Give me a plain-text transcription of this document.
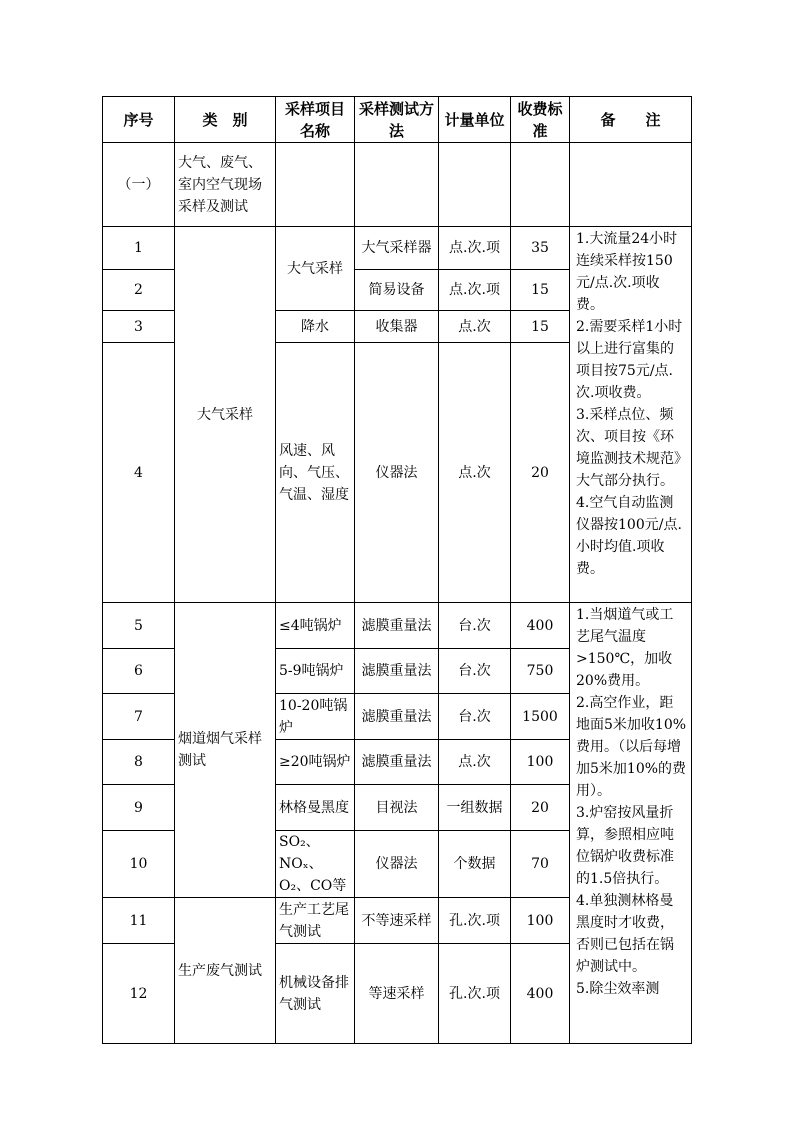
序号	类　别	采样项目名称	采样测试方法	计量单位	收费标准	备　　注
（一）	大气、废气、室内空气现场采样及测试					
1	大气采样	大气采样	大气采样器	点.次.项	35	1.大流量24小时连续采样按150元/点.次.项收费。
2.需要采样1小时以上进行富集的项目按75元/点.次.项收费。
3.采样点位、频次、项目按《环境监测技术规范》大气部分执行。
4.空气自动监测仪器按100元/点.小时均值.项收费。

2			简易设备	点.次.项	15	
3		降水	收集器	点.次	15	
4		风速、风向、气压、气温、湿度	仪器法	点.次	20	
5	烟道烟气采样测试	≤4吨锅炉	滤膜重量法	台.次	400	1.当烟道气或工艺尾气温度>150℃，加收20%费用。
2.高空作业，距地面5米加收10%费用。（以后每增加5米加10%的费用）。
3.炉窑按风量折算，参照相应吨位锅炉收费标准的1.5倍执行。
4.单独测林格曼黑度时才收费，否则已包括在锅炉测试中。
5.除尘效率测

6		5-9吨锅炉	滤膜重量法	台.次	750	
7		10-20吨锅炉	滤膜重量法	台.次	1500	
8		≥20吨锅炉	滤膜重量法	点.次	100	
9		林格曼黑度	目视法	一组数据	20	
10		SO₂、NOₓ、O₂、CO等	仪器法	个数据	70	
11	生产废气测试	生产工艺尾气测试	不等速采样	孔.次.项	100	
12		机械设备排气测试	等速采样	孔.次.项	400	
